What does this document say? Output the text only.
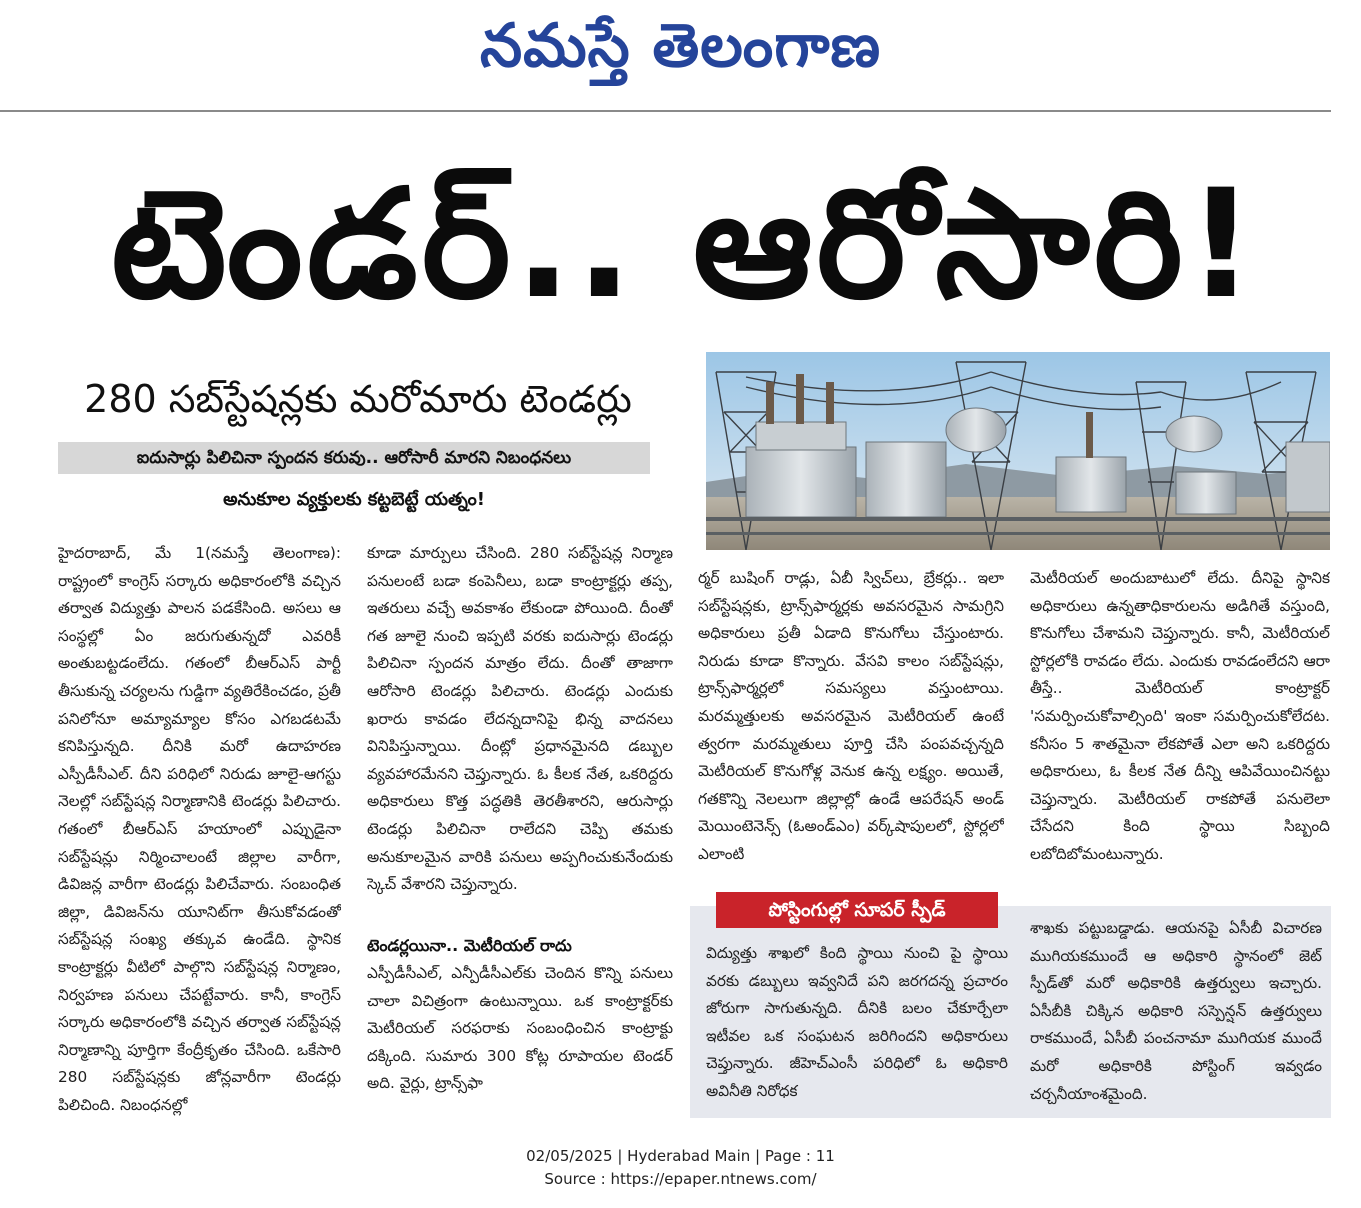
నమస్తే తెలంగాణ
టెండర్.. ఆరోసారి!
280 సబ్‌స్టేషన్లకు మరోమారు టెండర్లు
ఐదుసార్లు పిలిచినా స్పందన కరువు.. ఆరోసారీ మారని నిబంధనలు
అనుకూల వ్యక్తులకు కట్టబెట్టే యత్నం!

హైదరాబాద్, మే 1(నమస్తే తెలంగాణ): రాష్ట్రంలో కాంగ్రెస్ సర్కారు అధికారంలోకి వచ్చిన తర్వాత విద్యుత్తు పాలన పడకేసింది. అసలు ఆ సంస్థల్లో ఏం జరుగుతున్నదో ఎవరికీ అంతుబట్టడంలేదు. గతంలో బీఆర్ఎస్ పార్టీ తీసుకున్న చర్యలను గుడ్డిగా వ్యతిరేకించడం, ప్రతీ పనిలోనూ అమ్యామ్యాల కోసం ఎగబడటమే కనిపిస్తున్నది. దీనికి మరో ఉదాహరణ ఎస్పీడీసీఎల్. దీని పరిధిలో నిరుడు జూలై-ఆగస్టు నెలల్లో సబ్‌స్టేషన్ల నిర్మాణానికి టెండర్లు పిలిచారు. గతంలో బీఆర్ఎస్ హయాంలో ఎప్పుడైనా సబ్‌స్టేషన్లు నిర్మించాలంటే జిల్లాల వారీగా, డివిజన్ల వారీగా టెండర్లు పిలిచేవారు. సంబంధిత జిల్లా, డివిజన్‌ను యూనిట్‌గా తీసుకోవడంతో సబ్‌స్టేషన్ల సంఖ్య తక్కువ ఉండేది. స్థానిక కాంట్రాక్టర్లు వీటిలో పాల్గొని సబ్‌స్టేషన్ల నిర్మాణం, నిర్వహణ పనులు చేపట్టేవారు. కానీ, కాంగ్రెస్ సర్కారు అధికారంలోకి వచ్చిన తర్వాత సబ్‌స్టేషన్ల నిర్మాణాన్ని పూర్తిగా కేంద్రీకృతం చేసింది. ఒకేసారి 280 సబ్‌స్టేషన్లకు జోన్లవారీగా టెండర్లు పిలిచింది. నిబంధనల్లో

కూడా మార్పులు చేసింది. 280 సబ్‌స్టేషన్ల నిర్మాణ పనులంటే బడా కంపెనీలు, బడా కాంట్రాక్టర్లు తప్ప, ఇతరులు వచ్చే అవకాశం లేకుండా పోయింది. దీంతో గత జూలై నుంచి ఇప్పటి వరకు ఐదుసార్లు టెండర్లు పిలిచినా స్పందన మాత్రం లేదు. దీంతో తాజాగా ఆరోసారి టెండర్లు పిలిచారు. టెండర్లు ఎందుకు ఖరారు కావడం లేదన్నదానిపై భిన్న వాదనలు వినిపిస్తున్నాయి. దీంట్లో ప్రధానమైనది డబ్బుల వ్యవహారమేనని చెప్తున్నారు. ఓ కీలక నేత, ఒకరిద్దరు అధికారులు కొత్త పద్ధతికి తెరతీశారని, ఆరుసార్లు టెండర్లు పిలిచినా రాలేదని చెప్పి తమకు అనుకూలమైన వారికి పనులు అప్పగించుకునేందుకు స్కెచ్ వేశారని చెప్తున్నారు.

టెండర్లయినా.. మెటీరియల్ రాదు

ఎస్పీడీసీఎల్, ఎన్పీడీసీఎల్‌కు చెందిన కొన్ని పనులు చాలా విచిత్రంగా ఉంటున్నాయి. ఒక కాంట్రాక్టర్‌కు మెటీరియల్ సరఫరాకు సంబంధించిన కాంట్రాక్టు దక్కింది. సుమారు 300 కోట్ల రూపాయల టెండర్ అది. వైర్లు, ట్రాన్స్‌ఫా

ర్మర్ బుషింగ్ రాడ్లు, ఏబీ స్విచ్‌లు, బ్రేకర్లు.. ఇలా సబ్‌స్టేషన్లకు, ట్రాన్స్‌ఫార్మర్లకు అవసరమైన సామగ్రిని అధికారులు ప్రతీ ఏడాది కొనుగోలు చేస్తుంటారు. నిరుడు కూడా కొన్నారు. వేసవి కాలం సబ్‌స్టేషన్లు, ట్రాన్స్‌ఫార్మర్లలో సమస్యలు వస్తుంటాయి. మరమ్మత్తులకు అవసరమైన మెటీరియల్ ఉంటే త్వరగా మరమ్మతులు పూర్తి చేసి పంపవచ్చన్నది మెటీరియల్ కొనుగోళ్ల వెనుక ఉన్న లక్ష్యం. అయితే, గతకొన్ని నెలలుగా జిల్లాల్లో ఉండే ఆపరేషన్ అండ్ మెయింటెనెన్స్ (ఓఅండ్ఎం) వర్క్‌షాపులలో, స్టోర్లలో ఎలాంటి

మెటీరియల్ అందుబాటులో లేదు. దీనిపై స్థానిక అధికారులు ఉన్నతాధికారులను అడిగితే వస్తుంది, కొనుగోలు చేశామని చెప్తున్నారు. కానీ, మెటీరియల్ స్టోర్లలోకి రావడం లేదు. ఎందుకు రావడంలేదని ఆరా తీస్తే.. మెటీరియల్ కాంట్రాక్టర్ 'సమర్పించుకోవాల్సింది' ఇంకా సమర్పించుకోలేదట. కనీసం 5 శాతమైనా లేకపోతే ఎలా అని ఒకరిద్దరు అధికారులు, ఓ కీలక నేత దీన్ని ఆపివేయించినట్టు చెప్తున్నారు. మెటీరియల్ రాకపోతే పనులెలా చేసేదని కింది స్థాయి సిబ్బంది లబోదిబోమంటున్నారు.

పోస్టింగుల్లో సూపర్ స్పీడ్

విద్యుత్తు శాఖలో కింది స్థాయి నుంచి పై స్థాయి వరకు డబ్బులు ఇవ్వనిదే పని జరగదన్న ప్రచారం జోరుగా సాగుతున్నది. దీనికి బలం చేకూర్చేలా ఇటీవల ఒక సంఘటన జరిగిందని అధికారులు చెప్తున్నారు. జీహెచ్ఎంసీ పరిధిలో ఓ అధికారి అవినీతి నిరోధక

శాఖకు పట్టుబడ్డాడు. ఆయనపై ఏసీబీ విచారణ ముగియకముందే ఆ అధికారి స్థానంలో జెట్ స్పీడ్‌తో మరో అధికారికి ఉత్తర్వులు ఇచ్చారు. ఏసీబీకి చిక్కిన అధికారి సస్పెన్షన్ ఉత్తర్వులు రాకముందే, ఏసీబీ పంచనామా ముగియక ముందే మరో అధికారికి పోస్టింగ్ ఇవ్వడం చర్చనీయాంశమైంది.

02/05/2025 | Hyderabad Main | Page : 11
Source : https://epaper.ntnews.com/
